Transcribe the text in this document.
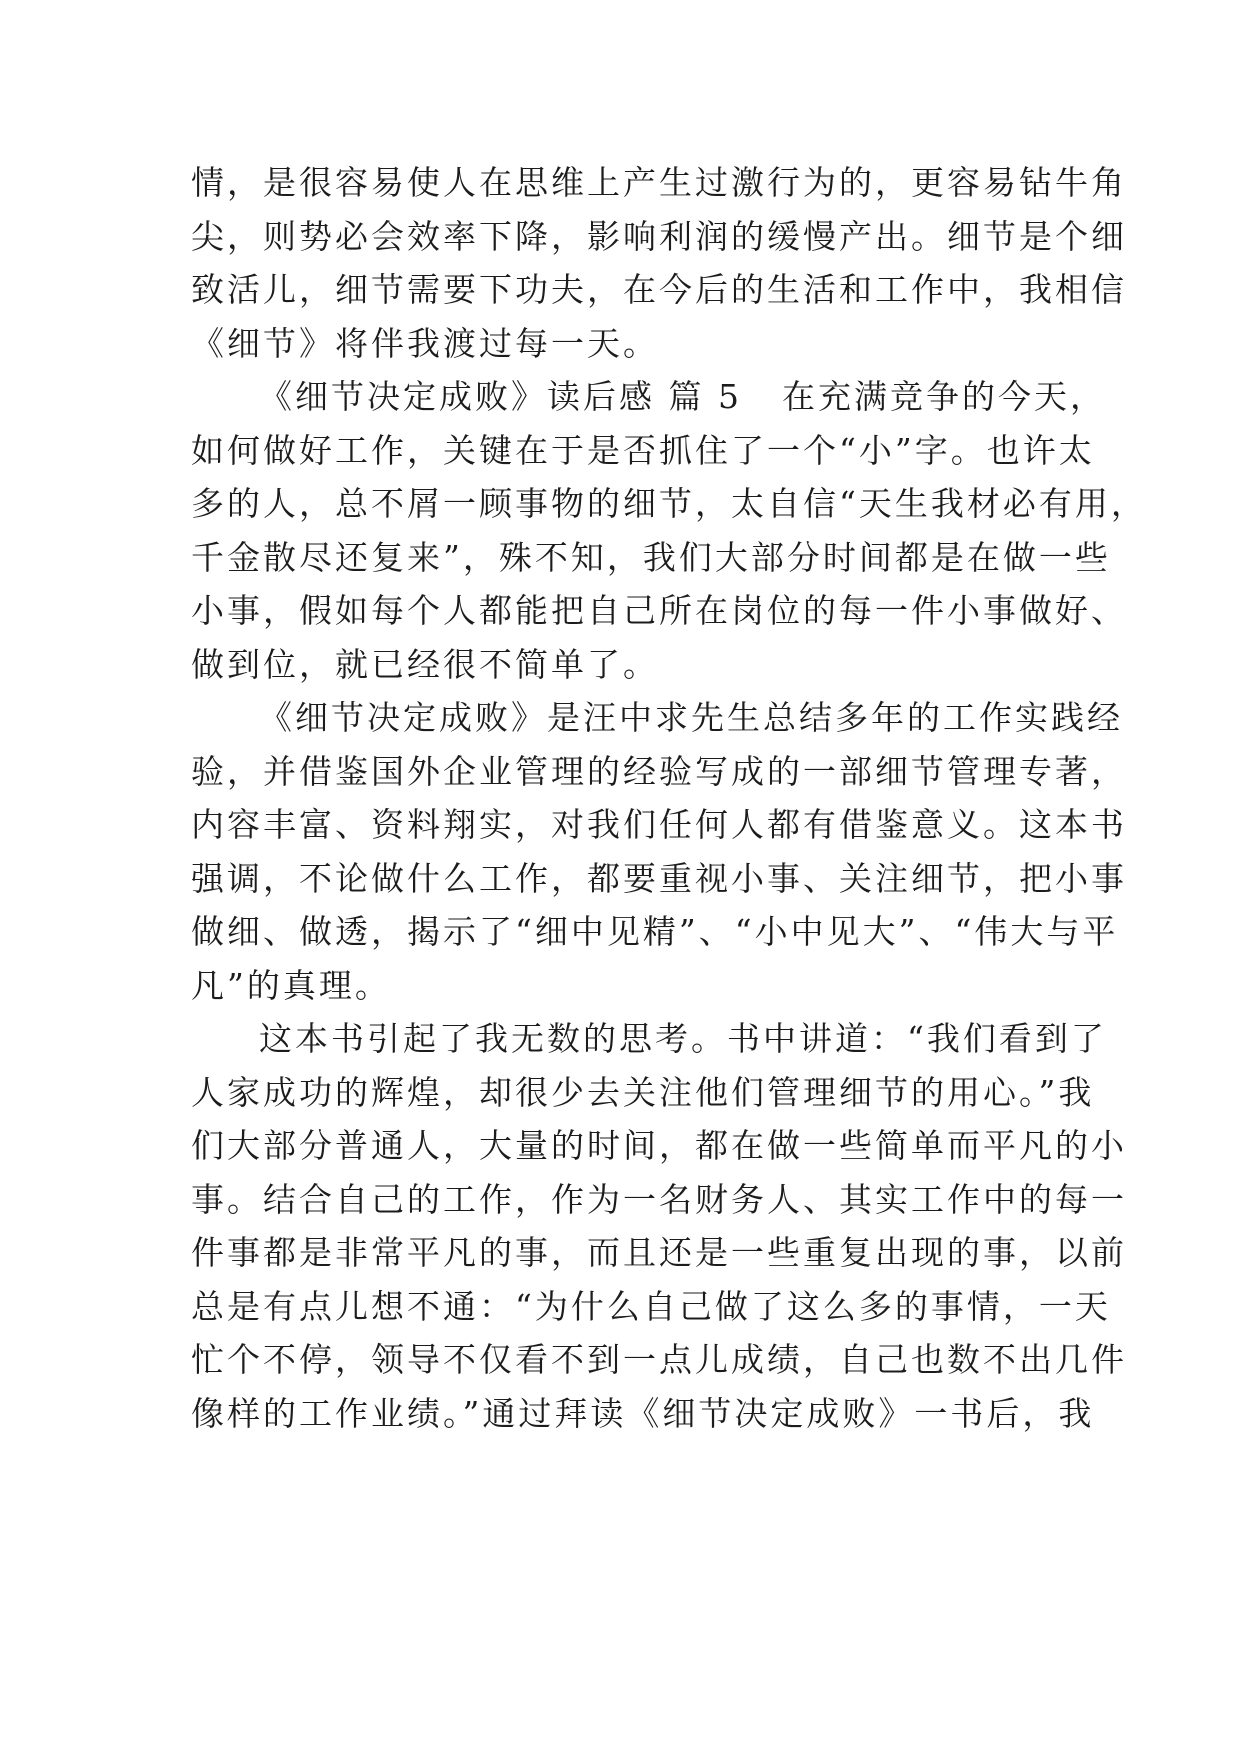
情，是很容易使人在思维上产生过激行为的，更容易钻牛角
尖，则势必会效率下降，影响利润的缓慢产出。细节是个细
致活儿，细节需要下功夫，在今后的生活和工作中，我相信
《细节》将伴我渡过每一天。
《细节决定成败》读后感 篇 5 在充满竞争的今天，
如何做好工作，关键在于是否抓住了一个“小”字。也许太
多的人，总不屑一顾事物的细节，太自信“天生我材必有用，
千金散尽还复来”，殊不知，我们大部分时间都是在做一些
小事，假如每个人都能把自己所在岗位的每一件小事做好、
做到位，就已经很不简单了。
《细节决定成败》是汪中求先生总结多年的工作实践经
验，并借鉴国外企业管理的经验写成的一部细节管理专著，
内容丰富、资料翔实，对我们任何人都有借鉴意义。这本书
强调，不论做什么工作，都要重视小事、关注细节，把小事
做细、做透，揭示了“细中见精”、“小中见大”、“伟大与平
凡”的真理。
这本书引起了我无数的思考。书中讲道：“我们看到了
人家成功的辉煌，却很少去关注他们管理细节的用心。”我
们大部分普通人，大量的时间，都在做一些简单而平凡的小
事。结合自己的工作，作为一名财务人、其实工作中的每一
件事都是非常平凡的事，而且还是一些重复出现的事，以前
总是有点儿想不通：“为什么自己做了这么多的事情，一天
忙个不停，领导不仅看不到一点儿成绩，自己也数不出几件
像样的工作业绩。”通过拜读《细节决定成败》一书后，我
